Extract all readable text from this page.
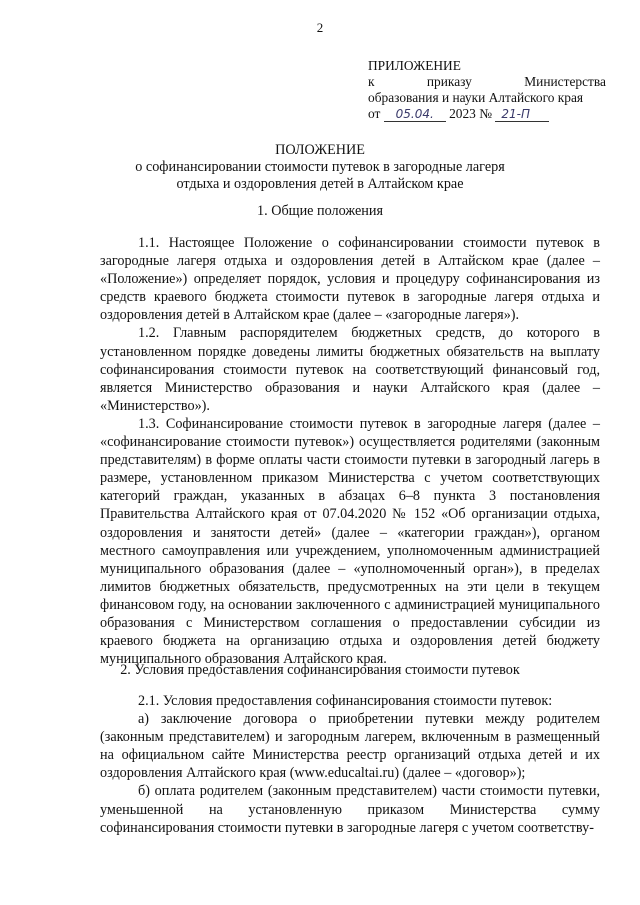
2
ПРИЛОЖЕНИЕ
к	приказу	Министерства
образования и науки Алтайского края
от 05.04. 2023 № 21-П
ПОЛОЖЕНИЕ
о софинансировании стоимости путевок в загородные лагеря
отдыха и оздоровления детей в Алтайском крае
1. Общие положения

1.1. Настоящее Положение о софинансировании стоимости путевок в загородные лагеря отдыха и оздоровления детей в Алтайском крае (далее – «Положение») определяет порядок, условия и процедуру софинансирования из средств краевого бюджета стоимости путевок в загородные лагеря отдыха и оздоровления детей в Алтайском крае (далее – «загородные лагеря»).

1.2. Главным распорядителем бюджетных средств, до которого в установленном порядке доведены лимиты бюджетных обязательств на выплату софинансирования стоимости путевок на соответствующий финансовый год, является Министерство образования и науки Алтайского края (далее – «Министерство»).

1.3. Софинансирование стоимости путевок в загородные лагеря (далее – «софинансирование стоимости путевок») осуществляется родителями (законным представителям) в форме оплаты части стоимости путевки в загородный лагерь в размере, установленном приказом Министерства с учетом соответствующих категорий граждан, указанных в абзацах 6–8 пункта 3 постановления Правительства Алтайского края от 07.04.2020 № 152 «Об организации отдыха, оздоровления и занятости детей» (далее – «категории граждан»), органом местного самоуправления или учреждением, уполномоченным администрацией муниципального образования (далее – «уполномоченный орган»), в пределах лимитов бюджетных обязательств, предусмотренных на эти цели в текущем финансовом году, на основании заключенного с администрацией муниципального образования с Министерством соглашения о предоставлении субсидии из краевого бюджета на организацию отдыха и оздоровления детей бюджету муниципального образования Алтайского края.

2. Условия предоставления софинансирования стоимости путевок

2.1. Условия предоставления софинансирования стоимости путевок:

а) заключение договора о приобретении путевки между родителем (законным представителем) и загородным лагерем, включенным в размещенный на официальном сайте Министерства реестр организаций отдыха детей и их оздоровления Алтайского края (www.educaltai.ru) (далее – «договор»);

б) оплата родителем (законным представителем) части стоимости путевки, уменьшенной на установленную приказом Министерства сумму софинансирования стоимости путевки в загородные лагеря с учетом соответству-
